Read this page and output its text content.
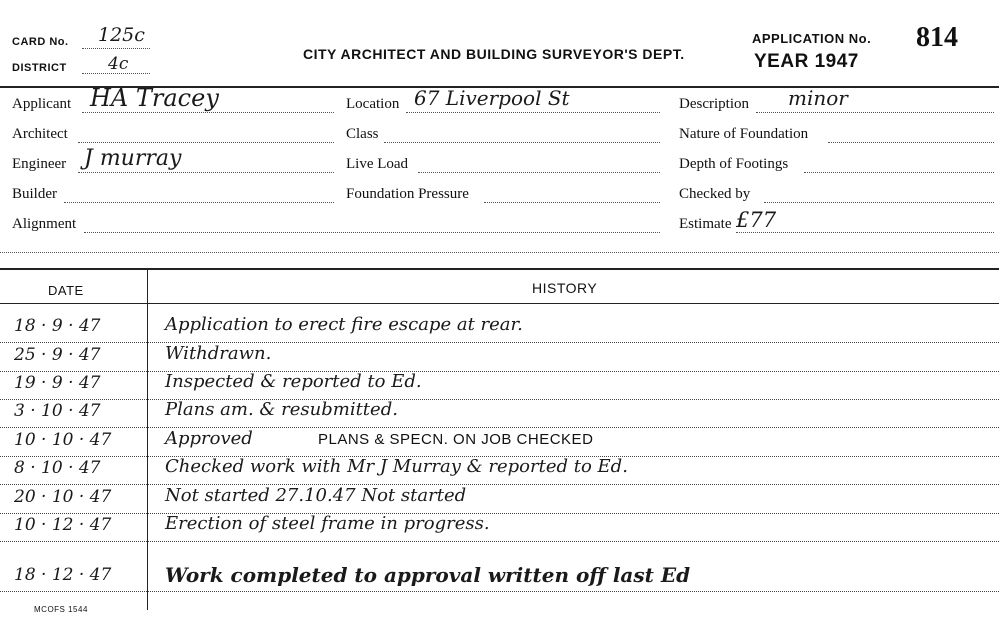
CARD No. 125c
DISTRICT 4c	CITY ARCHITECT AND BUILDING SURVEYOR'S DEPT.
APPLICATION No. 814
YEAR 1947
Applicant HA Tracey
Architect
Engineer J murray
Builder
Alignment
Location 67 Liverpool St
Class
Live Load
Foundation Pressure
Description minor
Nature of Foundation
Depth of Footings
Checked by
Estimate £77
DATE	HISTORY
18 · 9 · 47	Application to erect fire escape at rear.
25 · 9 · 47	Withdrawn.
19 · 9 · 47	Inspected & reported to Ed.
3 · 10 · 47	Plans am. & resubmitted.
10 · 10 · 47	Approved	PLANS & SPECN. ON JOB CHECKED
8 · 10 · 47	Checked work with Mr J Murray & reported to Ed.
20 · 10 · 47	Not started 27.10.47 Not started
10 · 12 · 47	Erection of steel frame in progress.
18 · 12 · 47	Work completed to approval written off last Ed
MCOFS 1544
